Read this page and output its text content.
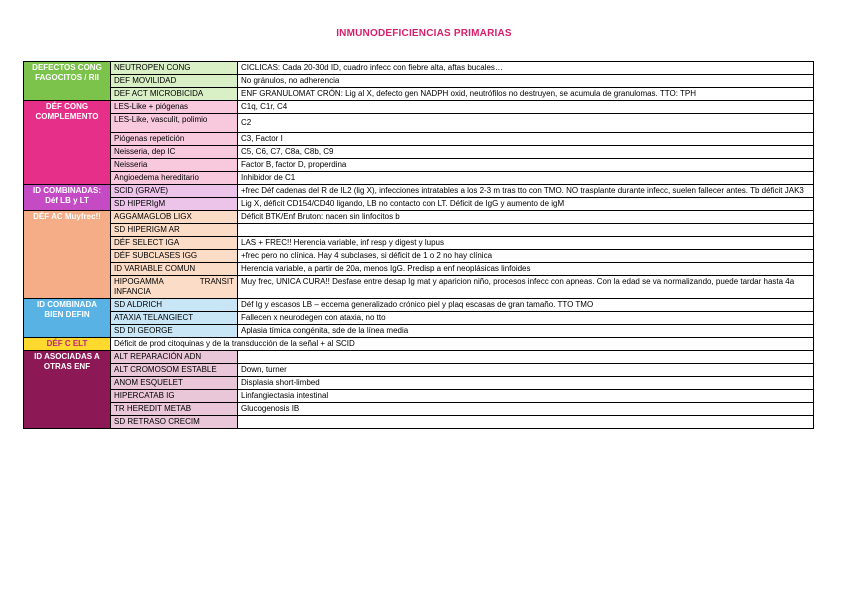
INMUNODEFICIENCIAS PRIMARIAS
DEFECTOS CONG FAGOCITOS / RII	NEUTROPEN CONG	CICLICAS: Cada 20-30d ID, cuadro infecc con fiebre alta, aftas bucales…
	DEF MOVILIDAD	No gránulos, no adherencia
	DEF ACT MICROBICIDA	ENF GRANULOMAT CRÓN: Lig al X, defecto gen NADPH oxid, neutrófilos no destruyen, se acumula de granulomas. TTO: TPH
DÉF CONG COMPLEMENTO	LES-Like + piógenas	C1q, C1r, C4
	LES-Like, vasculit, polimio	C2
	Piógenas repetición	C3, Factor I
	Neisseria, dep IC	C5, C6, C7, C8a, C8b, C9
	Neisseria	Factor B, factor D, properdina
	Angioedema hereditario	Inhibidor de C1
ID COMBINADAS: Déf LB y LT	SCID (GRAVE)	+frec Déf cadenas del R de IL2 (lig X), infecciones intratables a los 2-3 m tras tto con TMO. NO trasplante durante infecc, suelen fallecer antes. Tb déficit JAK3
	SD HIPERIgM	Lig X, déficit CD154/CD40 ligando, LB no contacto con LT. Déficit de IgG y aumento de igM
DÉF AC Muyfrec!!	AGGAMAGLOB LIGX	Déficit BTK/Enf Bruton: nacen sin linfocitos b
	SD HIPERIGM AR	
	DÉF SELECT IGA	LAS + FREC!! Herencia variable, inf resp y digest y lupus
	DÉF SUBCLASES IGG	+frec pero no clínica. Hay 4 subclases, si déficit de 1 o 2 no hay clínica
	ID VARIABLE COMUN	Herencia variable, a partir de 20a, menos IgG. Predisp a enf neoplásicas linfoides
	HIPOGAMMA TRANSIT INFANCIA	Muy frec, UNICA CURA!! Desfase entre desap Ig mat y aparicion niño, procesos infecc con apneas. Con la edad se va normalizando, puede tardar hasta 4a
ID COMBINADA BIEN DEFIN	SD ALDRICH	Déf Ig y escasos LB – eccema generalizado crónico piel y plaq escasas de gran tamaño. TTO TMO
	ATAXIA TELANGIECT	Fallecen x neurodegen con ataxia, no tto
	SD DI GEORGE	Aplasia tímica congénita, sde de la línea media
DÉF C ELT	Déficit de prod citoquinas y de la transducción de la señal + al SCID	
ID ASOCIADAS A OTRAS ENF	ALT REPARACIÓN ADN	
	ALT CROMOSOM ESTABLE	Down, turner
	ANOM ESQUELET	Displasia short-limbed
	HIPERCATAB IG	Linfangiectasia intestinal
	TR HEREDIT METAB	Glucogenosis IB
	SD RETRASO CRECIM	
